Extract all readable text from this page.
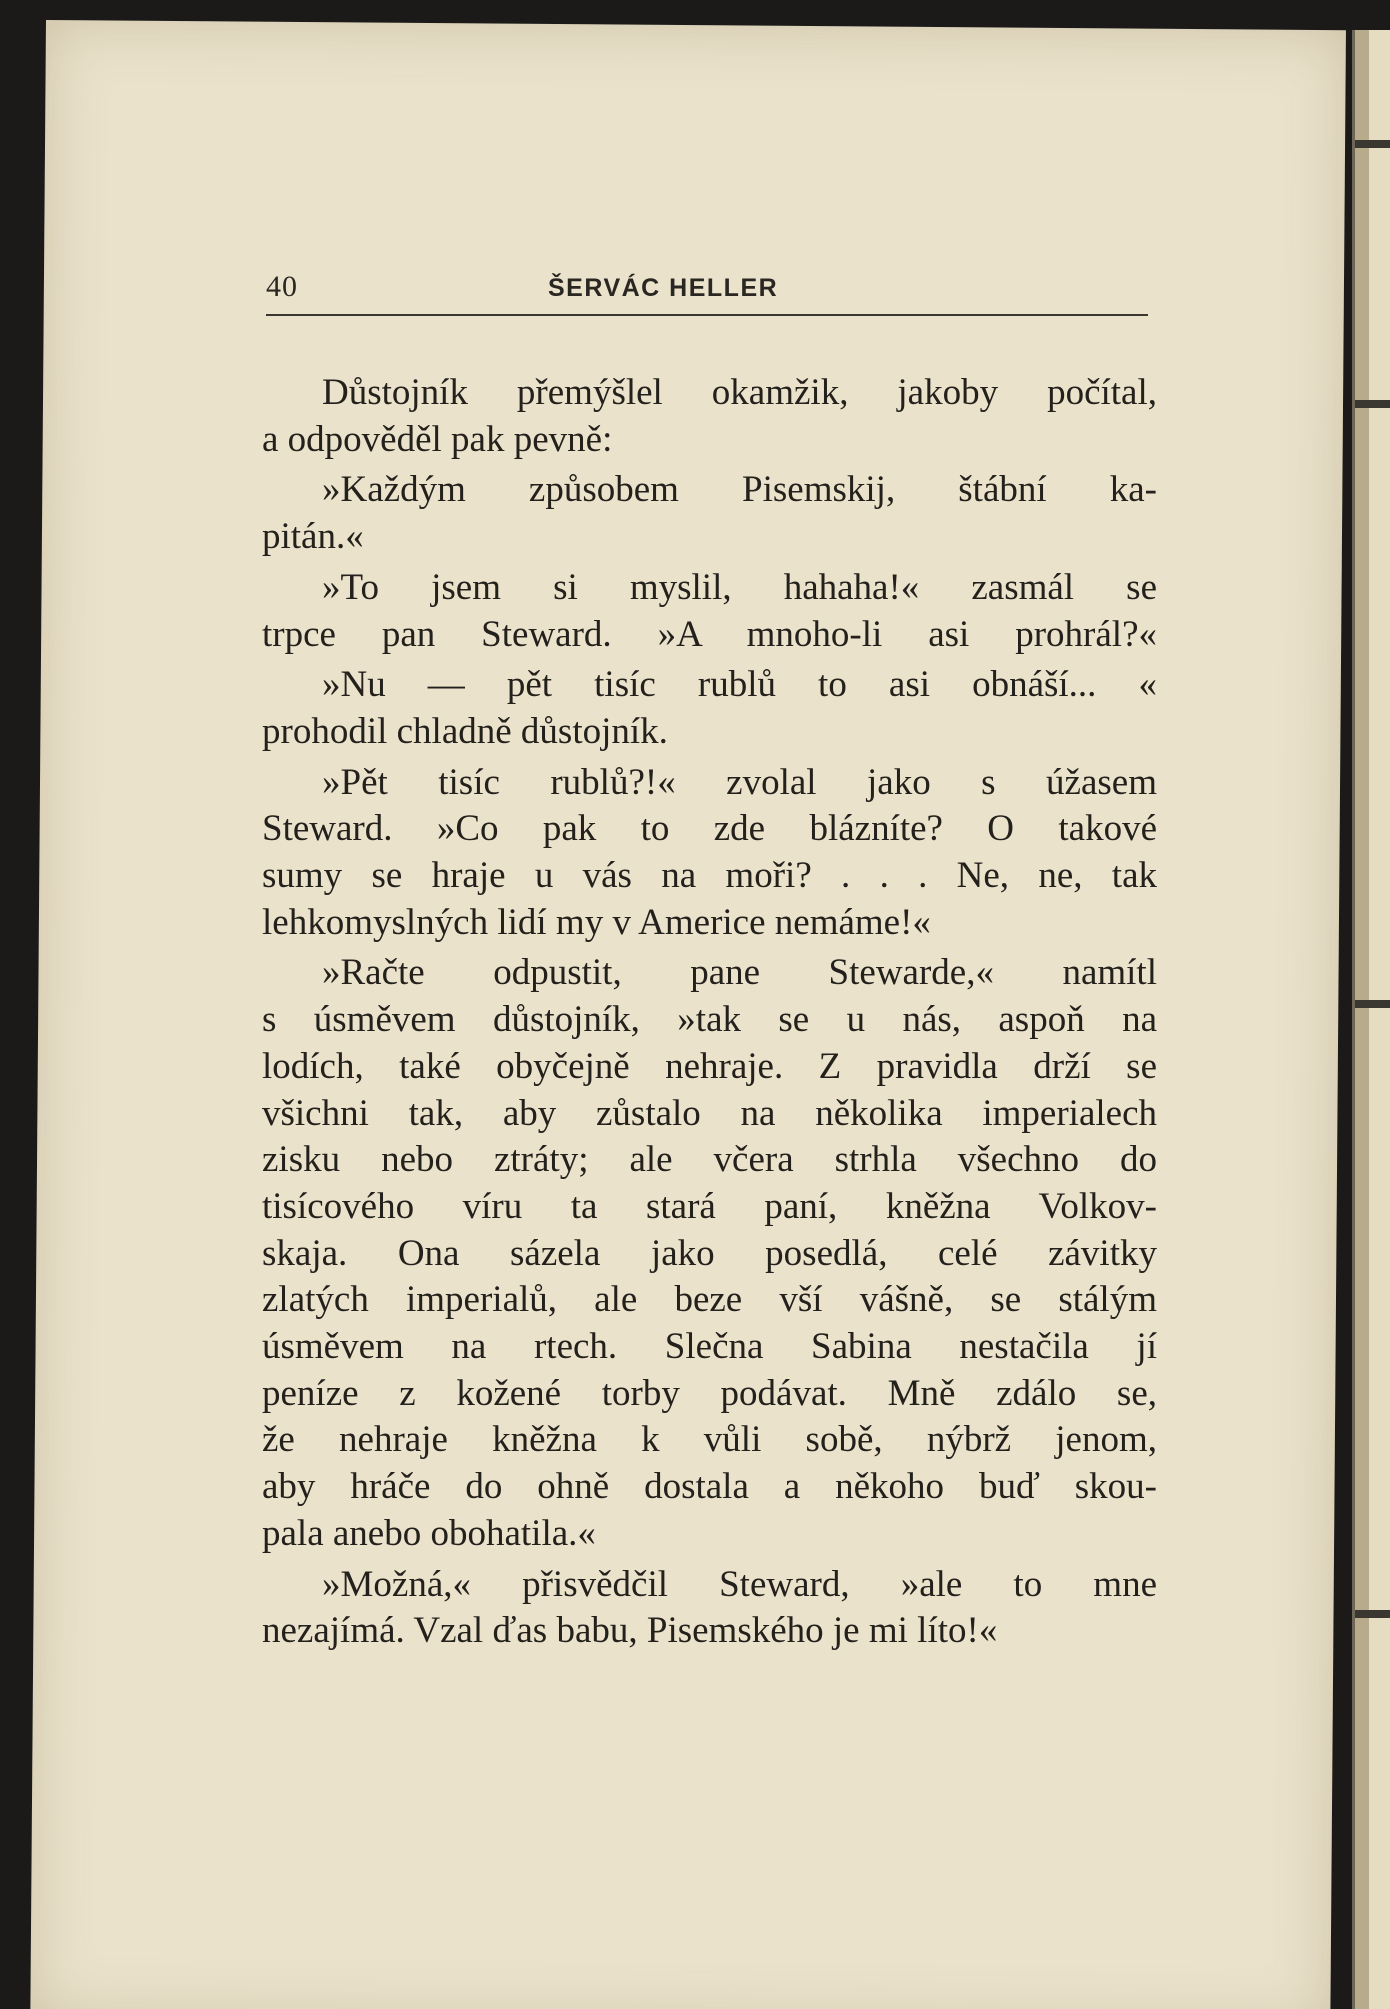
40	ŠERVÁC HELLER

Důstojník přemýšlel okamžik, jakoby počítal,
a odpověděl pak pevně:

»Každým způsobem Pisemskij, štábní ka-
pitán.«

»To jsem si myslil, hahaha!« zasmál se
trpce pan Steward. »A mnoho-li asi prohrál?«

»Nu — pět tisíc rublů to asi obnáší... «
prohodil chladně důstojník.

»Pět tisíc rublů?!« zvolal jako s úžasem
Steward. »Co pak to zde blázníte? O takové
sumy se hraje u vás na moři? . . . Ne, ne, tak
lehkomyslných lidí my v Americe nemáme!«

»Račte odpustit, pane Stewarde,« namítl
s úsměvem důstojník, »tak se u nás, aspoň na
lodích, také obyčejně nehraje. Z pravidla drží se
všichni tak, aby zůstalo na několika imperialech
zisku nebo ztráty; ale včera strhla všechno do
tisícového víru ta stará paní, kněžna Volkov-
skaja. Ona sázela jako posedlá, celé závitky
zlatých imperialů, ale beze vší vášně, se stálým
úsměvem na rtech. Slečna Sabina nestačila jí
peníze z kožené torby podávat. Mně zdálo se,
že nehraje kněžna k vůli sobě, nýbrž jenom,
aby hráče do ohně dostala a někoho buď skou-
pala anebo obohatila.«

»Možná,« přisvědčil Steward, »ale to mne
nezajímá. Vzal ďas babu, Pisemského je mi líto!«
